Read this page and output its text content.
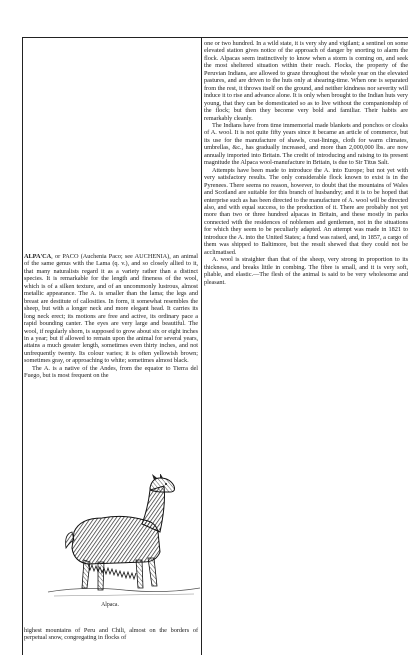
ALPA'CA, or PACO (Auchenia Paco; see AUCHENIA), an animal of the same genus with the Lama (q. v.), and so closely allied to it, that many naturalists regard it as a variety rather than a distinct species. It is remarkable for the length and fineness of the wool, which is of a silken texture, and of an uncommonly lustrous, almost metallic appearance. The A. is smaller than the lama; the legs and breast are destitute of callosities. In form, it somewhat resembles the sheep, but with a longer neck and more elegant head. It carries its long neck erect; its motions are free and active, its ordinary pace a rapid bounding canter. The eyes are very large and beautiful. The wool, if regularly shorn, is supposed to grow about six or eight inches in a year; but if allowed to remain upon the animal for several years, attains a much greater length, sometimes even thirty inches, and not unfrequently twenty. Its colour varies; it is often yellowish brown; sometimes gray, or approaching to white; sometimes almost black.

The A. is a native of the Andes, from the equator to Tierra del Fuego, but is most frequent on the

Alpaca.

highest mountains of Peru and Chili, almost on the borders of perpetual snow, congregating in flocks of

one or two hundred. In a wild state, it is very shy and vigilant; a sentinel on some elevated station gives notice of the approach of danger by snorting to alarm the flock. Alpacas seem instinctively to know when a storm is coming on, and seek the most sheltered situation within their reach. Flocks, the property of the Peruvian Indians, are allowed to graze throughout the whole year on the elevated pastures, and are driven to the huts only at shearing-time. When one is separated from the rest, it throws itself on the ground, and neither kindness nor severity will induce it to rise and advance alone. It is only when brought to the Indian huts very young, that they can be domesticated so as to live without the companionship of the flock; but then they become very bold and familiar. Their habits are remarkably cleanly.

The Indians have from time immemorial made blankets and ponchos or cloaks of A. wool. It is not quite fifty years since it became an article of commerce, but its use for the manufacture of shawls, coat-linings, cloth for warm climates, umbrellas, &c., has gradually increased, and more than 2,000,000 lbs. are now annually imported into Britain. The credit of introducing and raising to its present magnitude the Alpaca wool-manufacture in Britain, is due to Sir Titus Salt.

Attempts have been made to introduce the A. into Europe; but not yet with very satisfactory results. The only considerable flock known to exist is in the Pyrenees. There seems no reason, however, to doubt that the mountains of Wales and Scotland are suitable for this branch of husbandry; and it is to be hoped that enterprise such as has been directed to the manufacture of A. wool will be directed also, and with equal success, to the production of it. There are probably not yet more than two or three hundred alpacas in Britain, and these mostly in parks connected with the residences of noblemen and gentlemen, not in the situations for which they seem to be peculiarly adapted. An attempt was made in 1821 to introduce the A. into the United States; a fund was raised, and, in 1857, a cargo of them was shipped to Baltimore, but the result shewed that they could not be acclimatised.

A. wool is straighter than that of the sheep, very strong in proportion to its thickness, and breaks little in combing. The fibre is small, and it is very soft, pliable, and elastic.—The flesh of the animal is said to be very wholesome and pleasant.
